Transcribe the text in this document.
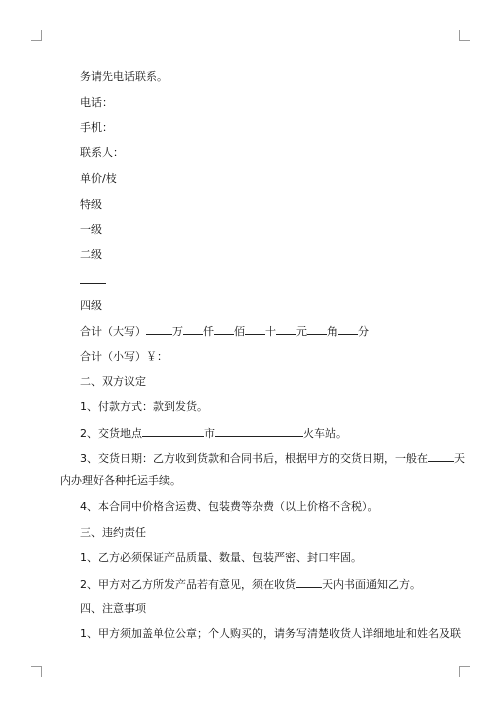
务请先电话联系。
电话：
手机：
联系人：
单价/枝
特级
一级
二级
四级
合计（大写） 万 仟 佰 十 元 角 分
合计（小写）￥：
二、双方议定
1、付款方式：款到发货。
2、交货地点	市	火车站。
3、交货日期：乙方收到货款和合同书后，根据甲方的交货日期，一般在 天
内办理好各种托运手续。
4、本合同中价格含运费、包装费等杂费（以上价格不含税）。
三、违约责任
1、乙方必须保证产品质量、数量、包装严密、封口牢固。
2、甲方对乙方所发产品若有意见，须在收货 天内书面通知乙方。
四、注意事项
1、甲方须加盖单位公章；个人购买的，请务写清楚收货人详细地址和姓名及联
